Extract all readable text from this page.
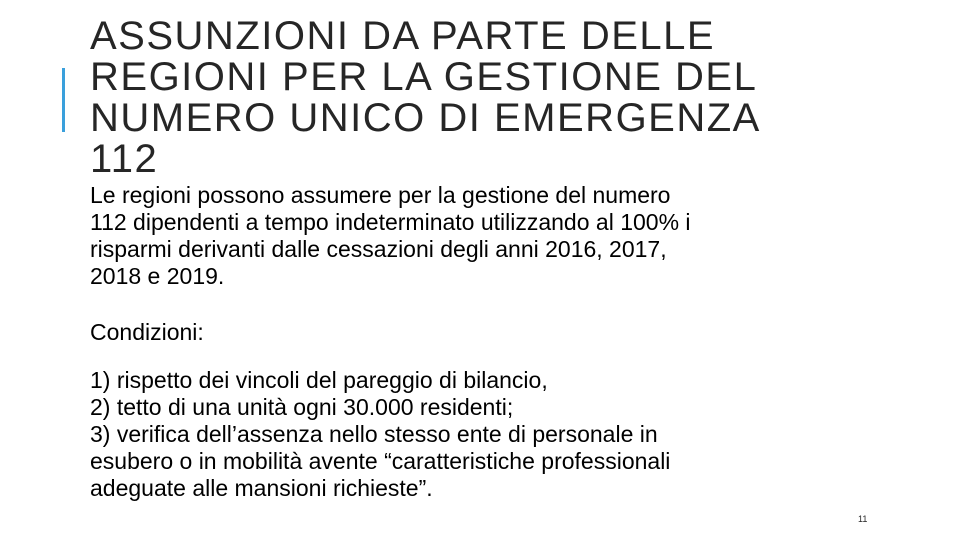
ASSUNZIONI DA PARTE DELLE
REGIONI PER LA GESTIONE DEL
NUMERO UNICO DI EMERGENZA
112
Le regioni possono assumere per la gestione del numero
112 dipendenti a tempo indeterminato utilizzando al 100% i
risparmi derivanti dalle cessazioni degli anni 2016, 2017,
2018 e 2019.
Condizioni:
1) rispetto dei vincoli del pareggio di bilancio,
2) tetto di una unità ogni 30.000 residenti;
3) verifica dell’assenza nello stesso ente di personale in
esubero o in mobilità avente “caratteristiche professionali
adeguate alle mansioni richieste”.
11
